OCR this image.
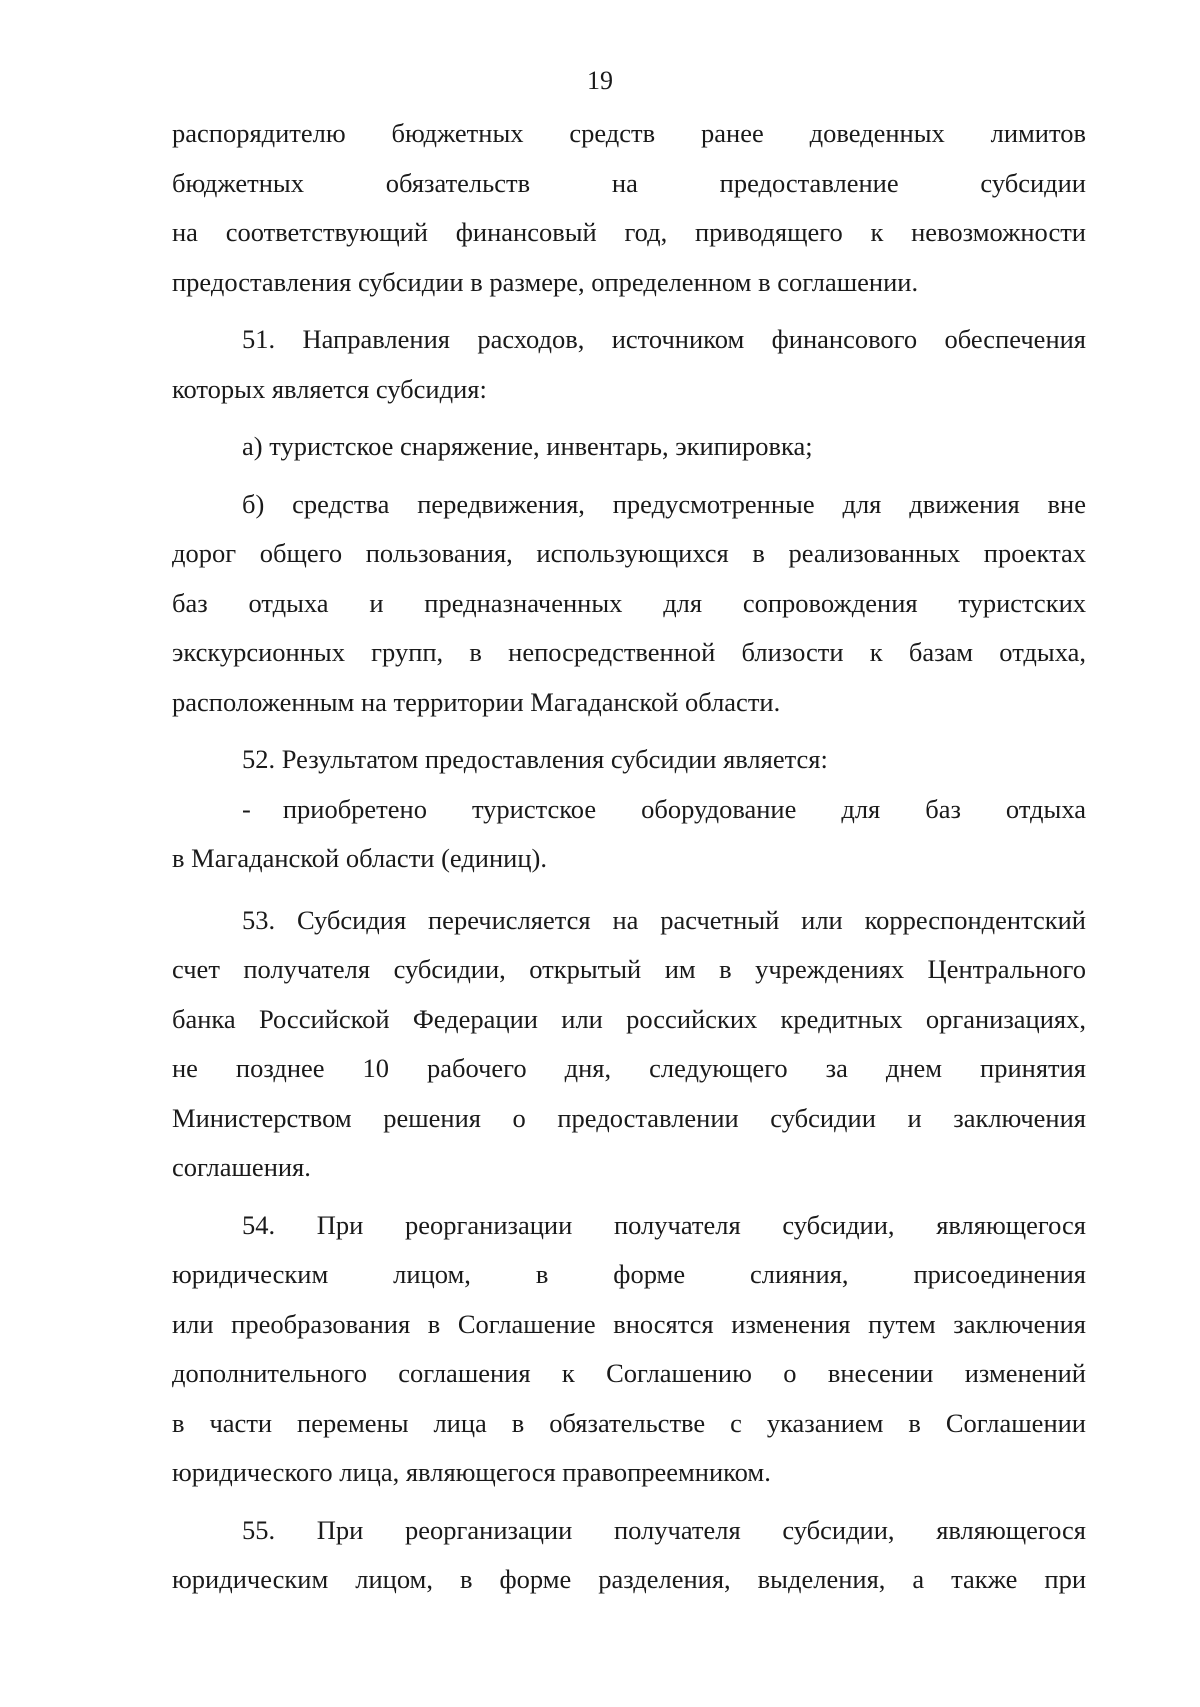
19

распорядителю бюджетных средств ранее доведенных лимитов

бюджетных обязательств на предоставление субсидии

на соответствующий финансовый год, приводящего к невозможности

предоставления субсидии в размере, определенном в соглашении.

51. Направления расходов, источником финансового обеспечения

которых является субсидия:

а) туристское снаряжение, инвентарь, экипировка;

б) средства передвижения, предусмотренные для движения вне

дорог общего пользования, использующихся в реализованных проектах

баз отдыха и предназначенных для сопровождения туристских

экскурсионных групп, в непосредственной близости к базам отдыха,

расположенным на территории Магаданской области.

52. Результатом предоставления субсидии является:

- приобретено туристское оборудование для баз отдыха

в Магаданской области (единиц).

53. Субсидия перечисляется на расчетный или корреспондентский

счет получателя субсидии, открытый им в учреждениях Центрального

банка Российской Федерации или российских кредитных организациях,

не позднее 10 рабочего дня, следующего за днем принятия

Министерством решения о предоставлении субсидии и заключения

соглашения.

54. При реорганизации получателя субсидии, являющегося

юридическим лицом, в форме слияния, присоединения

или преобразования в Соглашение вносятся изменения путем заключения

дополнительного соглашения к Соглашению о внесении изменений

в части перемены лица в обязательстве с указанием в Соглашении

юридического лица, являющегося правопреемником.

55. При реорганизации получателя субсидии, являющегося

юридическим лицом, в форме разделения, выделения, а также при
